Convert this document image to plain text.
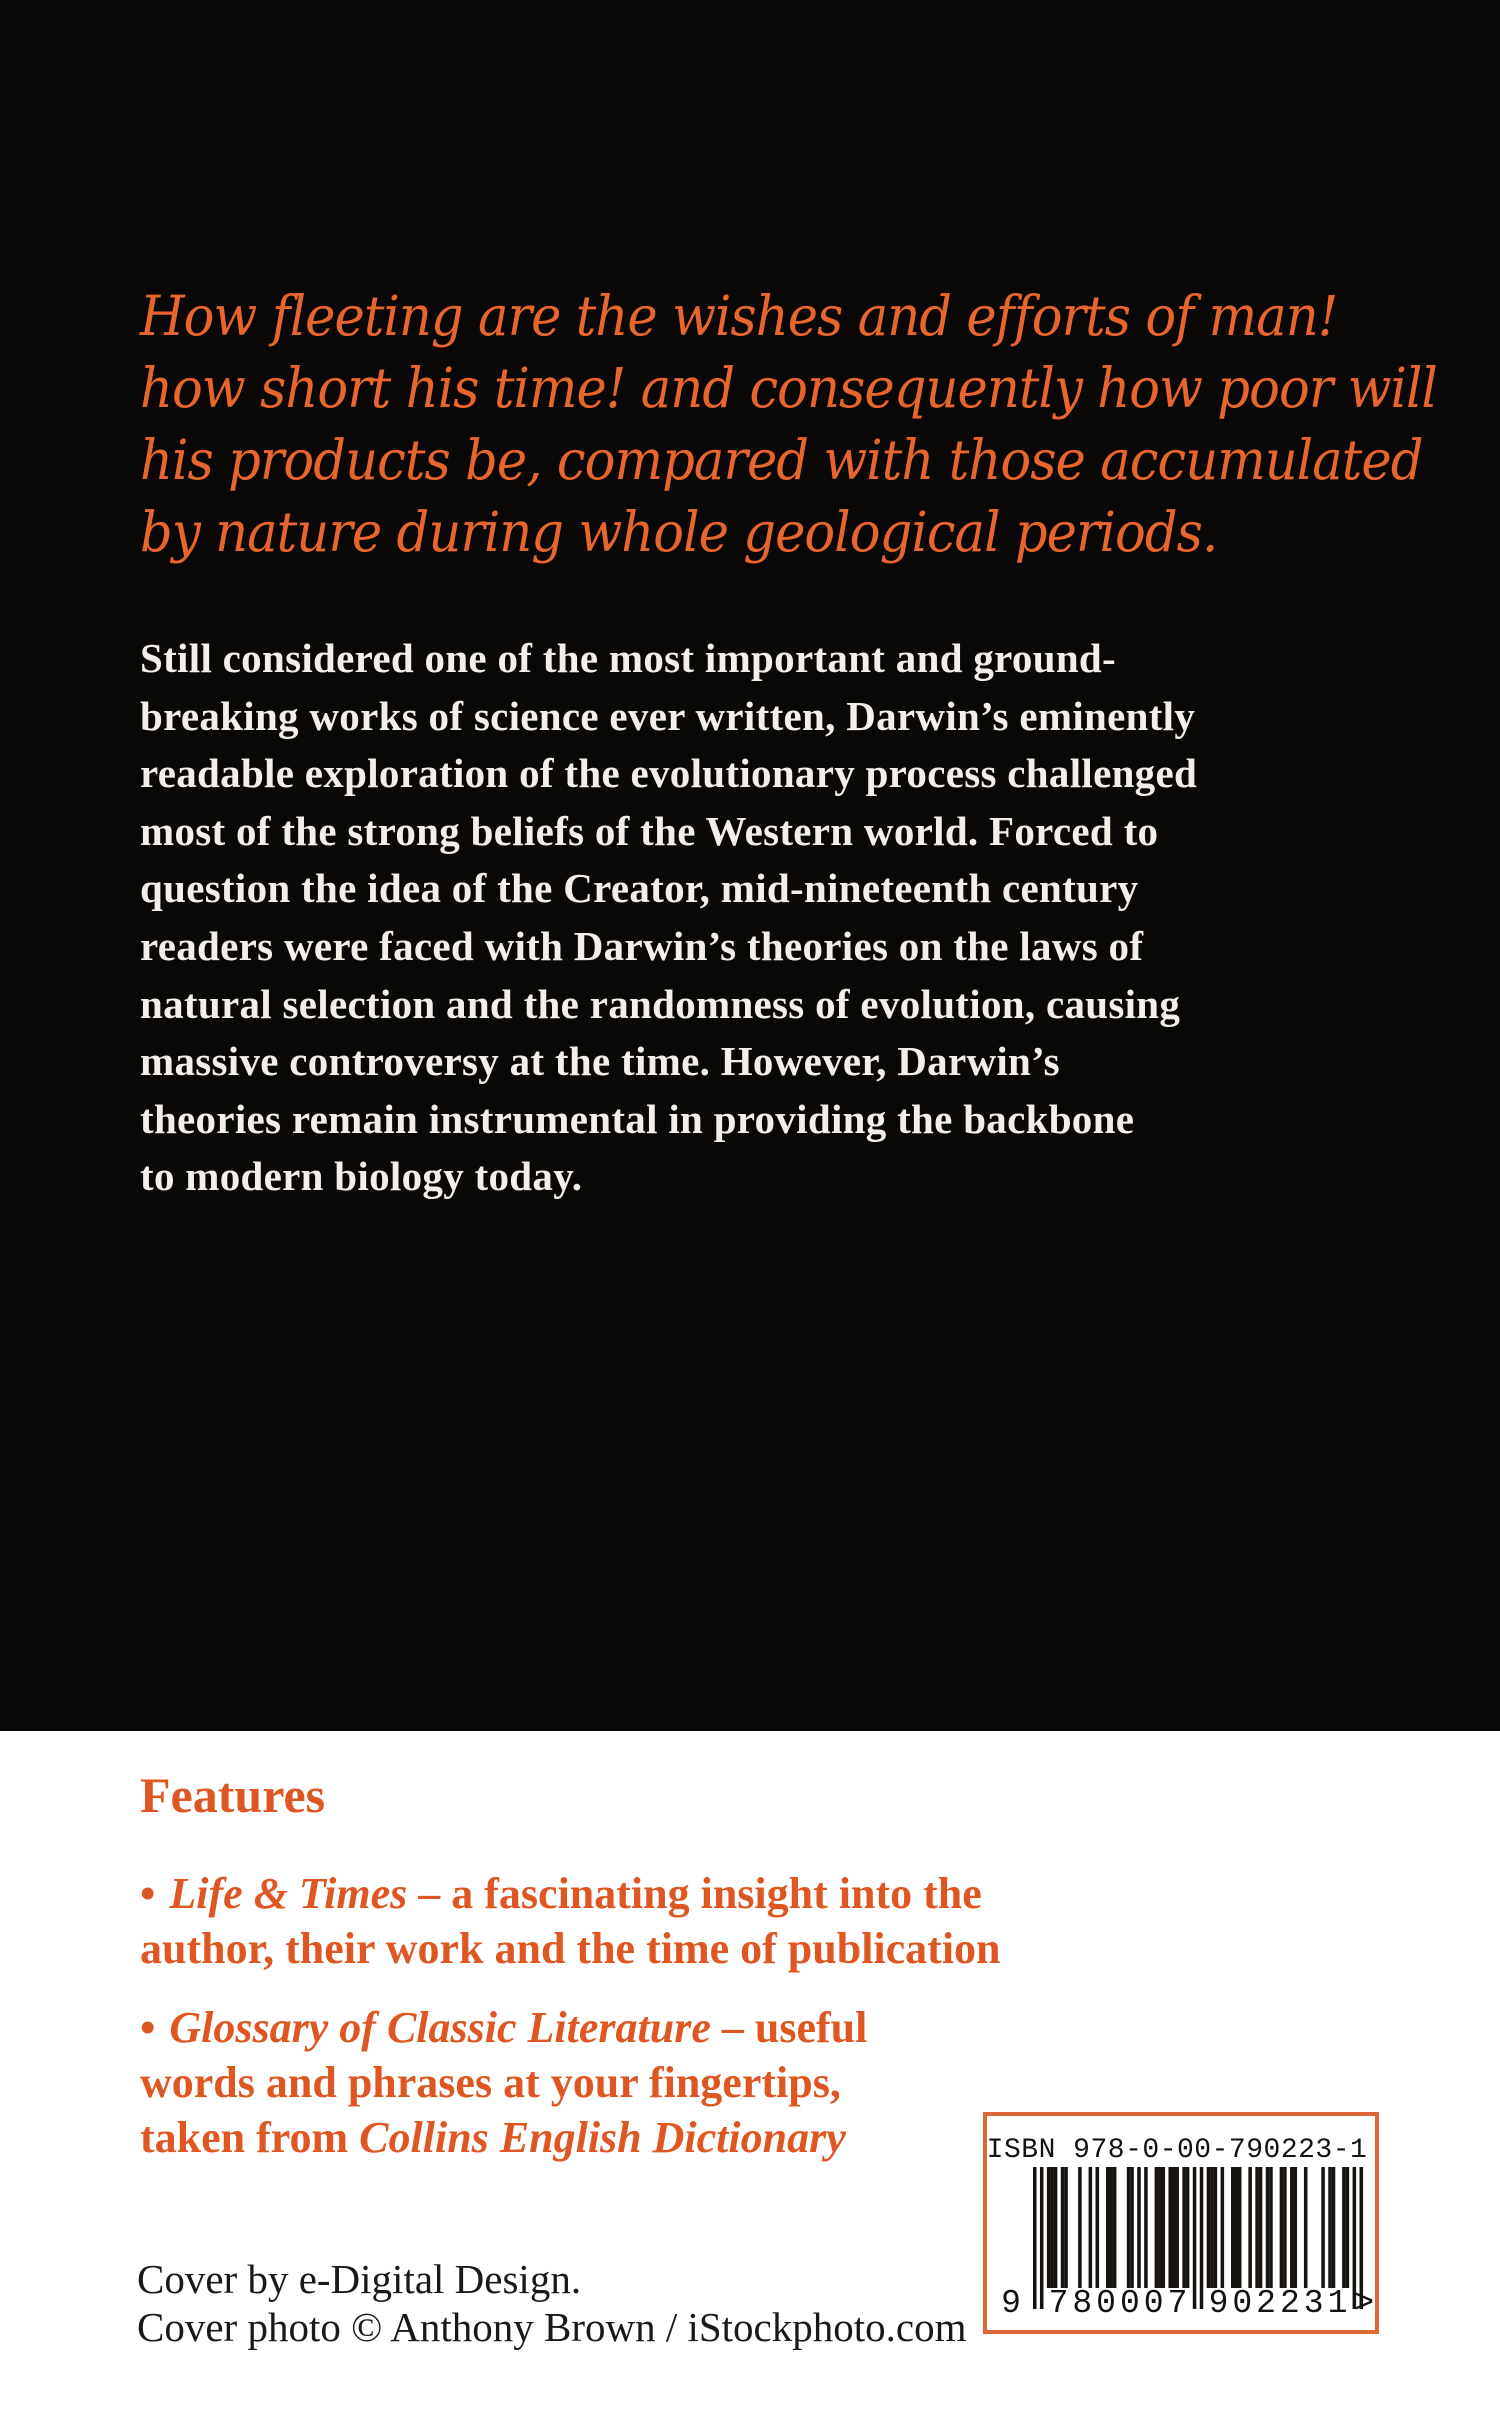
How fleeting are the wishes and efforts of man!
how short his time! and consequently how poor will
his products be, compared with those accumulated
by nature during whole geological periods.
Still considered one of the most important and ground-
breaking works of science ever written, Darwin’s eminently
readable exploration of the evolutionary process challenged
most of the strong beliefs of the Western world. Forced to
question the idea of the Creator, mid-nineteenth century
readers were faced with Darwin’s theories on the laws of
natural selection and the randomness of evolution, causing
massive controversy at the time. However, Darwin’s
theories remain instrumental in providing the backbone
to modern biology today.
Features
• Life & Times – a fascinating insight into the
author, their work and the time of publication
• Glossary of Classic Literature – useful
words and phrases at your fingertips,
taken from Collins English Dictionary
Cover by e-Digital Design.
Cover photo © Anthony Brown / iStockphoto.com
ISBN 978-0-00-790223-1
9 780007 902231 >
